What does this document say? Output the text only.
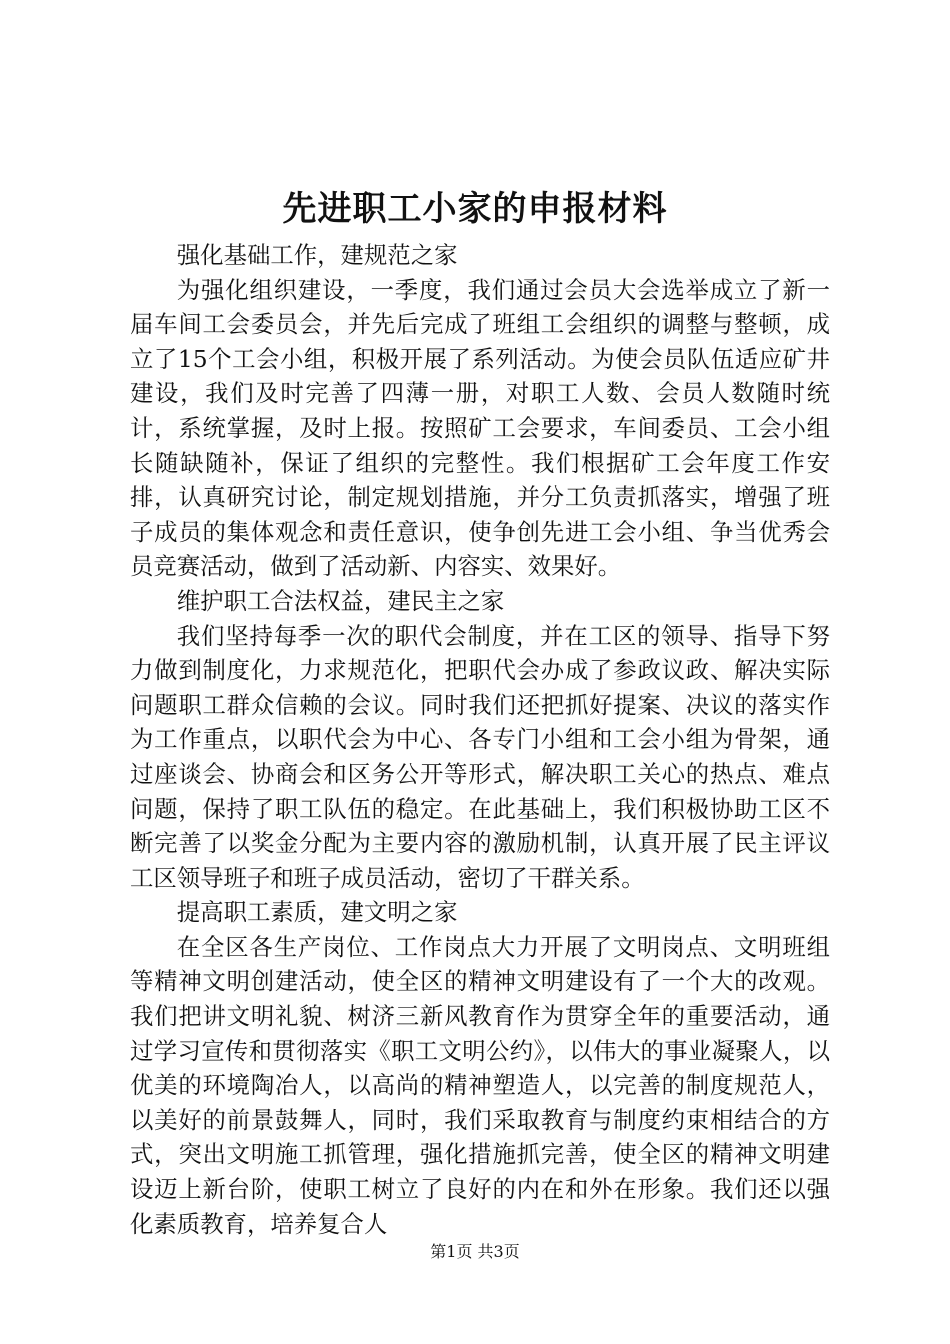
先进职工小家的申报材料

强化基础工作，建规范之家

为强化组织建设，一季度，我们通过会员大会选举成立了新一届车间工会委员会，并先后完成了班组工会组织的调整与整顿，成立了15个工会小组，积极开展了系列活动。为使会员队伍适应矿井建设，我们及时完善了四薄一册，对职工人数、会员人数随时统计，系统掌握，及时上报。按照矿工会要求，车间委员、工会小组长随缺随补，保证了组织的完整性。我们根据矿工会年度工作安排，认真研究讨论，制定规划措施，并分工负责抓落实，增强了班子成员的集体观念和责任意识，使争创先进工会小组、争当优秀会员竞赛活动，做到了活动新、内容实、效果好。

维护职工合法权益，建民主之家

我们坚持每季一次的职代会制度，并在工区的领导、指导下努力做到制度化，力求规范化，把职代会办成了参政议政、解决实际问题职工群众信赖的会议。同时我们还把抓好提案、决议的落实作为工作重点，以职代会为中心、各专门小组和工会小组为骨架，通过座谈会、协商会和区务公开等形式，解决职工关心的热点、难点问题，保持了职工队伍的稳定。在此基础上，我们积极协助工区不断完善了以奖金分配为主要内容的激励机制，认真开展了民主评议工区领导班子和班子成员活动，密切了干群关系。

提高职工素质，建文明之家

在全区各生产岗位、工作岗点大力开展了文明岗点、文明班组等精神文明创建活动，使全区的精神文明建设有了一个大的改观。我们把讲文明礼貌、树济三新风教育作为贯穿全年的重要活动，通过学习宣传和贯彻落实《职工文明公约》，以伟大的事业凝聚人，以优美的环境陶冶人，以高尚的精神塑造人，以完善的制度规范人，以美好的前景鼓舞人，同时，我们采取教育与制度约束相结合的方式，突出文明施工抓管理，强化措施抓完善，使全区的精神文明建设迈上新台阶，使职工树立了良好的内在和外在形象。我们还以强化素质教育，培养复合人

第1页 共3页
